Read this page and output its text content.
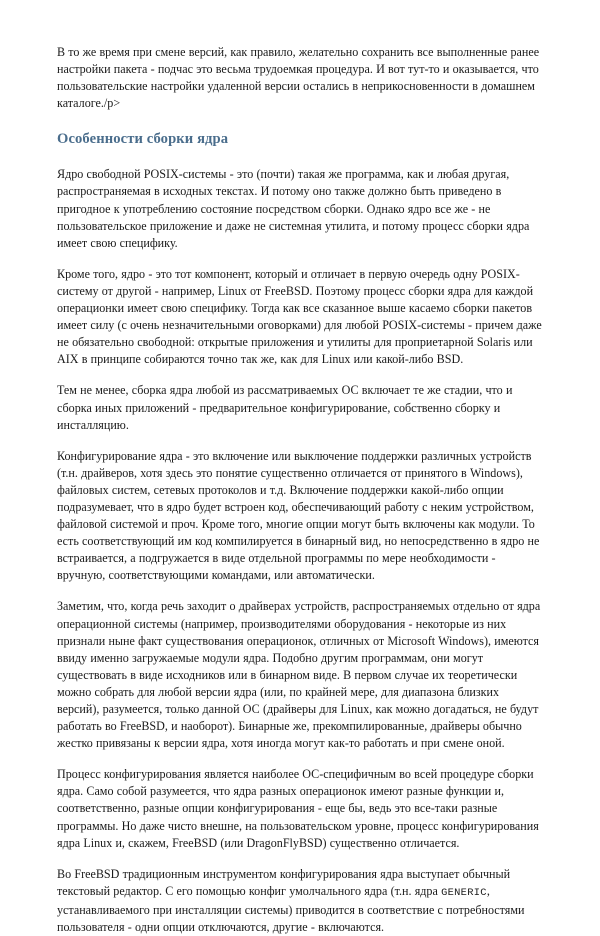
В то же время при смене версий, как правило, желательно сохранить все выполненные ранее настройки пакета - подчас это весьма трудоемкая процедура. И вот тут-то и оказывается, что пользовательские настройки удаленной версии остались в неприкосновенности в домашнем каталоге./p>

Особенности сборки ядра

Ядро свободной POSIX-системы - это (почти) такая же программа, как и любая другая, распространяемая в исходных текстах. И потому оно также должно быть приведено в пригодное к употреблению состояние посредством сборки. Однако ядро все же - не пользовательское приложение и даже не системная утилита, и потому процесс сборки ядра имеет свою специфику.

Кроме того, ядро - это тот компонент, который и отличает в первую очередь одну POSIX-систему от другой - например, Linux от FreeBSD. Поэтому процесс сборки ядра для каждой операционки имеет свою специфику. Тогда как все сказанное выше касаемо сборки пакетов имеет силу (с очень незначительными оговорками) для любой POSIX-системы - причем даже не обязательно свободной: открытые приложения и утилиты для проприетарной Solaris или AIX в принципе собираются точно так же, как для Linux или какой-либо BSD.

Тем не менее, сборка ядра любой из рассматриваемых ОС включает те же стадии, что и сборка иных приложений - предварительное конфигурирование, собственно сборку и инсталляцию.

Конфигурирование ядра - это включение или выключение поддержки различных устройств (т.н. драйверов, хотя здесь это понятие существенно отличается от принятого в Windows), файловых систем, сетевых протоколов и т.д. Включение поддержки какой-либо опции подразумевает, что в ядро будет встроен код, обеспечивающий работу с неким устройством, файловой системой и проч. Кроме того, многие опции могут быть включены как модули. То есть соответствующий им код компилируется в бинарный вид, но непосредственно в ядро не встраивается, а подгружается в виде отдельной программы по мере необходимости - вручную, соответствующими командами, или автоматически.

Заметим, что, когда речь заходит о драйверах устройств, распространяемых отдельно от ядра операционной системы (например, производителями оборудования - некоторые из них признали ныне факт существования операционок, отличных от Microsoft Windows), имеются ввиду именно загружаемые модули ядра. Подобно другим программам, они могут существовать в виде исходников или в бинарном виде. В первом случае их теоретически можно собрать для любой версии ядра (или, по крайней мере, для диапазона близких версий), разумеется, только данной ОС (драйверы для Linux, как можно догадаться, не будут работать во FreeBSD, и наоборот). Бинарные же, прекомпилированные, драйверы обычно жестко привязаны к версии ядра, хотя иногда могут как-то работать и при смене оной.

Процесс конфигурирования является наиболее ОС-специфичным во всей процедуре сборки ядра. Само собой разумеется, что ядра разных операционок имеют разные функции и, соответственно, разные опции конфигурирования - еще бы, ведь это все-таки разные программы. Но даже чисто внешне, на пользовательском уровне, процесс конфигурирования ядра Linux и, скажем, FreeBSD (или DragonFlyBSD) существенно отличается.

Во FreeBSD традиционным инструментом конфигурирования ядра выступает обычный текстовый редактор. С его помощью конфиг умолчального ядра (т.н. ядра GENERIC, устанавливаемого при инсталляции системы) приводится в соответствие с потребностями пользователя - одни опции отключаются, другие - включаются.
